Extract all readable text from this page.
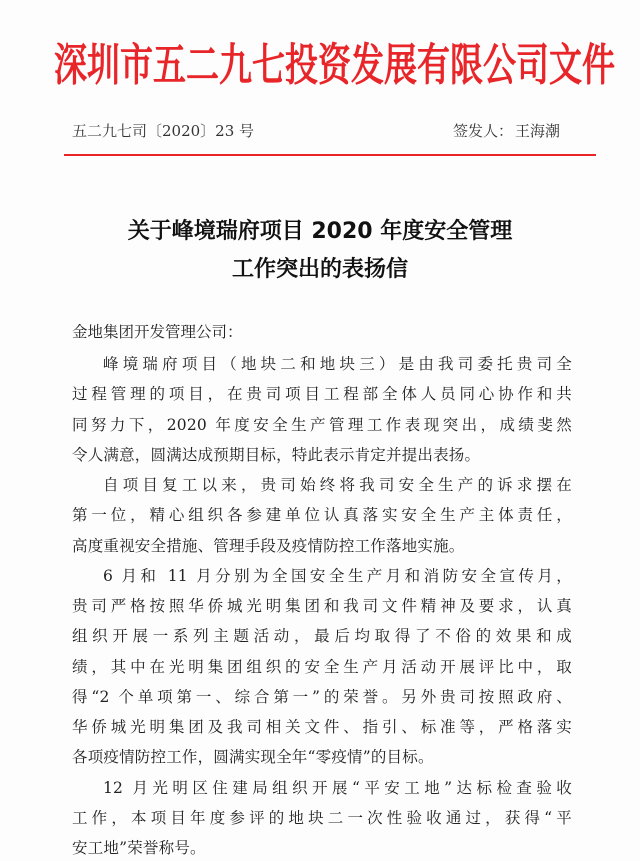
深圳市五二九七投资发展有限公司文件
五二九七司〔2020〕23 号	签发人： 王海潮
关于峰境瑞府项目 2020 年度安全管理
工作突出的表扬信
金地集团开发管理公司：
峰境瑞府项目（地块二和地块三）是由我司委托贵司全
过程管理的项目，在贵司项目工程部全体人员同心协作和共
同努力下，2020 年度安全生产管理工作表现突出，成绩斐然
令人满意，圆满达成预期目标，特此表示肯定并提出表扬。
自项目复工以来，贵司始终将我司安全生产的诉求摆在
第一位，精心组织各参建单位认真落实安全生产主体责任，
高度重视安全措施、管理手段及疫情防控工作落地实施。
6 月和 11 月分别为全国安全生产月和消防安全宣传月，
贵司严格按照华侨城光明集团和我司文件精神及要求，认真
组织开展一系列主题活动，最后均取得了不俗的效果和成
绩，其中在光明集团组织的安全生产月活动开展评比中，取
得“2 个单项第一、综合第一”的荣誉。另外贵司按照政府、
华侨城光明集团及我司相关文件、指引、标准等，严格落实
各项疫情防控工作，圆满实现全年“零疫情”的目标。
12 月光明区住建局组织开展“平安工地”达标检查验收
工作，本项目年度参评的地块二一次性验收通过，获得“平
安工地”荣誉称号。
